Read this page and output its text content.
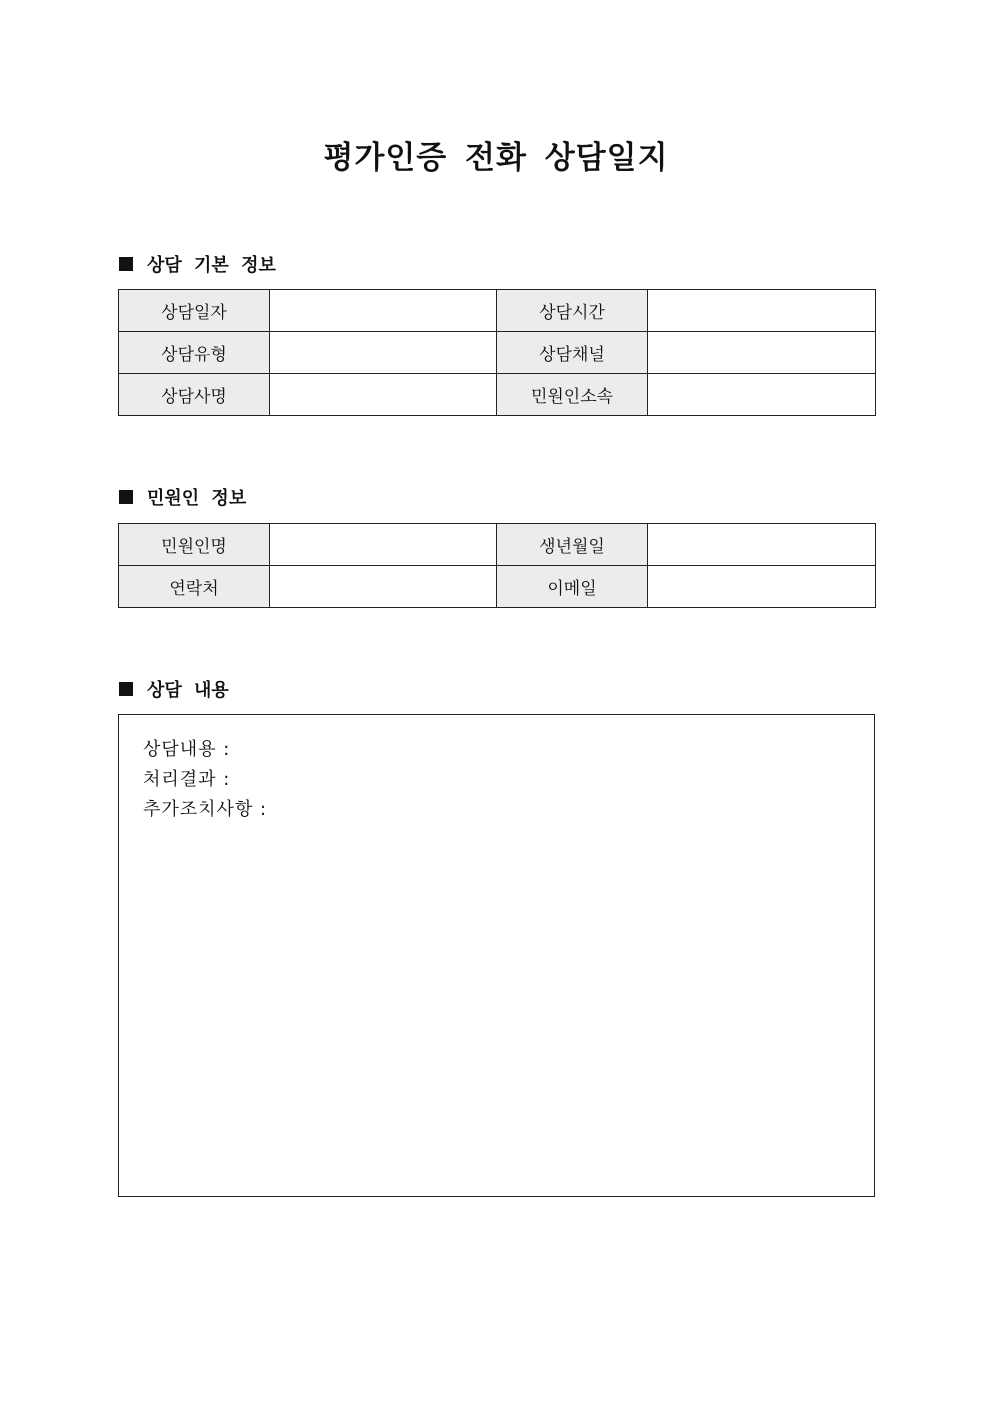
평가인증 전화 상담일지
상담 기본 정보
상담일자		상담시간	
상담유형		상담채널	
상담사명		민원인소속	
민원인 정보
민원인명		생년월일	
연락처		이메일	
상담 내용
상담내용 :
처리결과 :
추가조치사항 :
